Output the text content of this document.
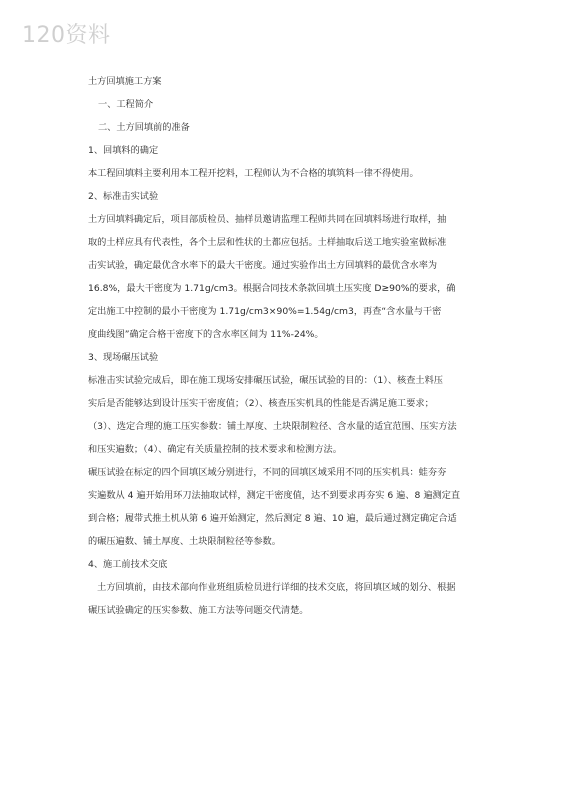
120资料
土方回填施工方案
一、工程简介
二、土方回填前的准备
1、回填料的确定
本工程回填料主要利用本工程开挖料，工程师认为不合格的填筑料一律不得使用。
2、标准击实试验
土方回填料确定后，项目部质检员、抽样员邀请监理工程师共同在回填料场进行取样，抽
取的土样应具有代表性，各个土层和性状的土都应包括。土样抽取后送工地实验室做标准
击实试验，确定最优含水率下的最大干密度。通过实验作出土方回填料的最优含水率为
16.8%，最大干密度为 1.71g/cm3。根据合同技术条款回填土压实度 D≥90%的要求，确
定出施工中控制的最小干密度为 1.71g/cm3×90%=1.54g/cm3，再查“含水量与干密
度曲线图”确定合格干密度下的含水率区间为 11%-24%。
3、现场碾压试验
标准击实试验完成后，即在施工现场安排碾压试验，碾压试验的目的：（1）、核查土料压
实后是否能够达到设计压实干密度值；（2）、核查压实机具的性能是否满足施工要求；
（3）、选定合理的施工压实参数：铺土厚度、土块限制粒径、含水量的适宜范围、压实方法
和压实遍数；（4）、确定有关质量控制的技术要求和检测方法。
碾压试验在标定的四个回填区域分别进行，不同的回填区域采用不同的压实机具：蛙夯夯
实遍数从 4 遍开始用环刀法抽取试样，测定干密度值，达不到要求再夯实 6 遍、8 遍测定直
到合格；履带式推土机从第 6 遍开始测定，然后测定 8 遍、10 遍，最后通过测定确定合适
的碾压遍数、铺土厚度、土块限制粒径等参数。
4、施工前技术交底
　土方回填前，由技术部向作业班组质检员进行详细的技术交底，将回填区域的划分、根据
碾压试验确定的压实参数、施工方法等问题交代清楚。
